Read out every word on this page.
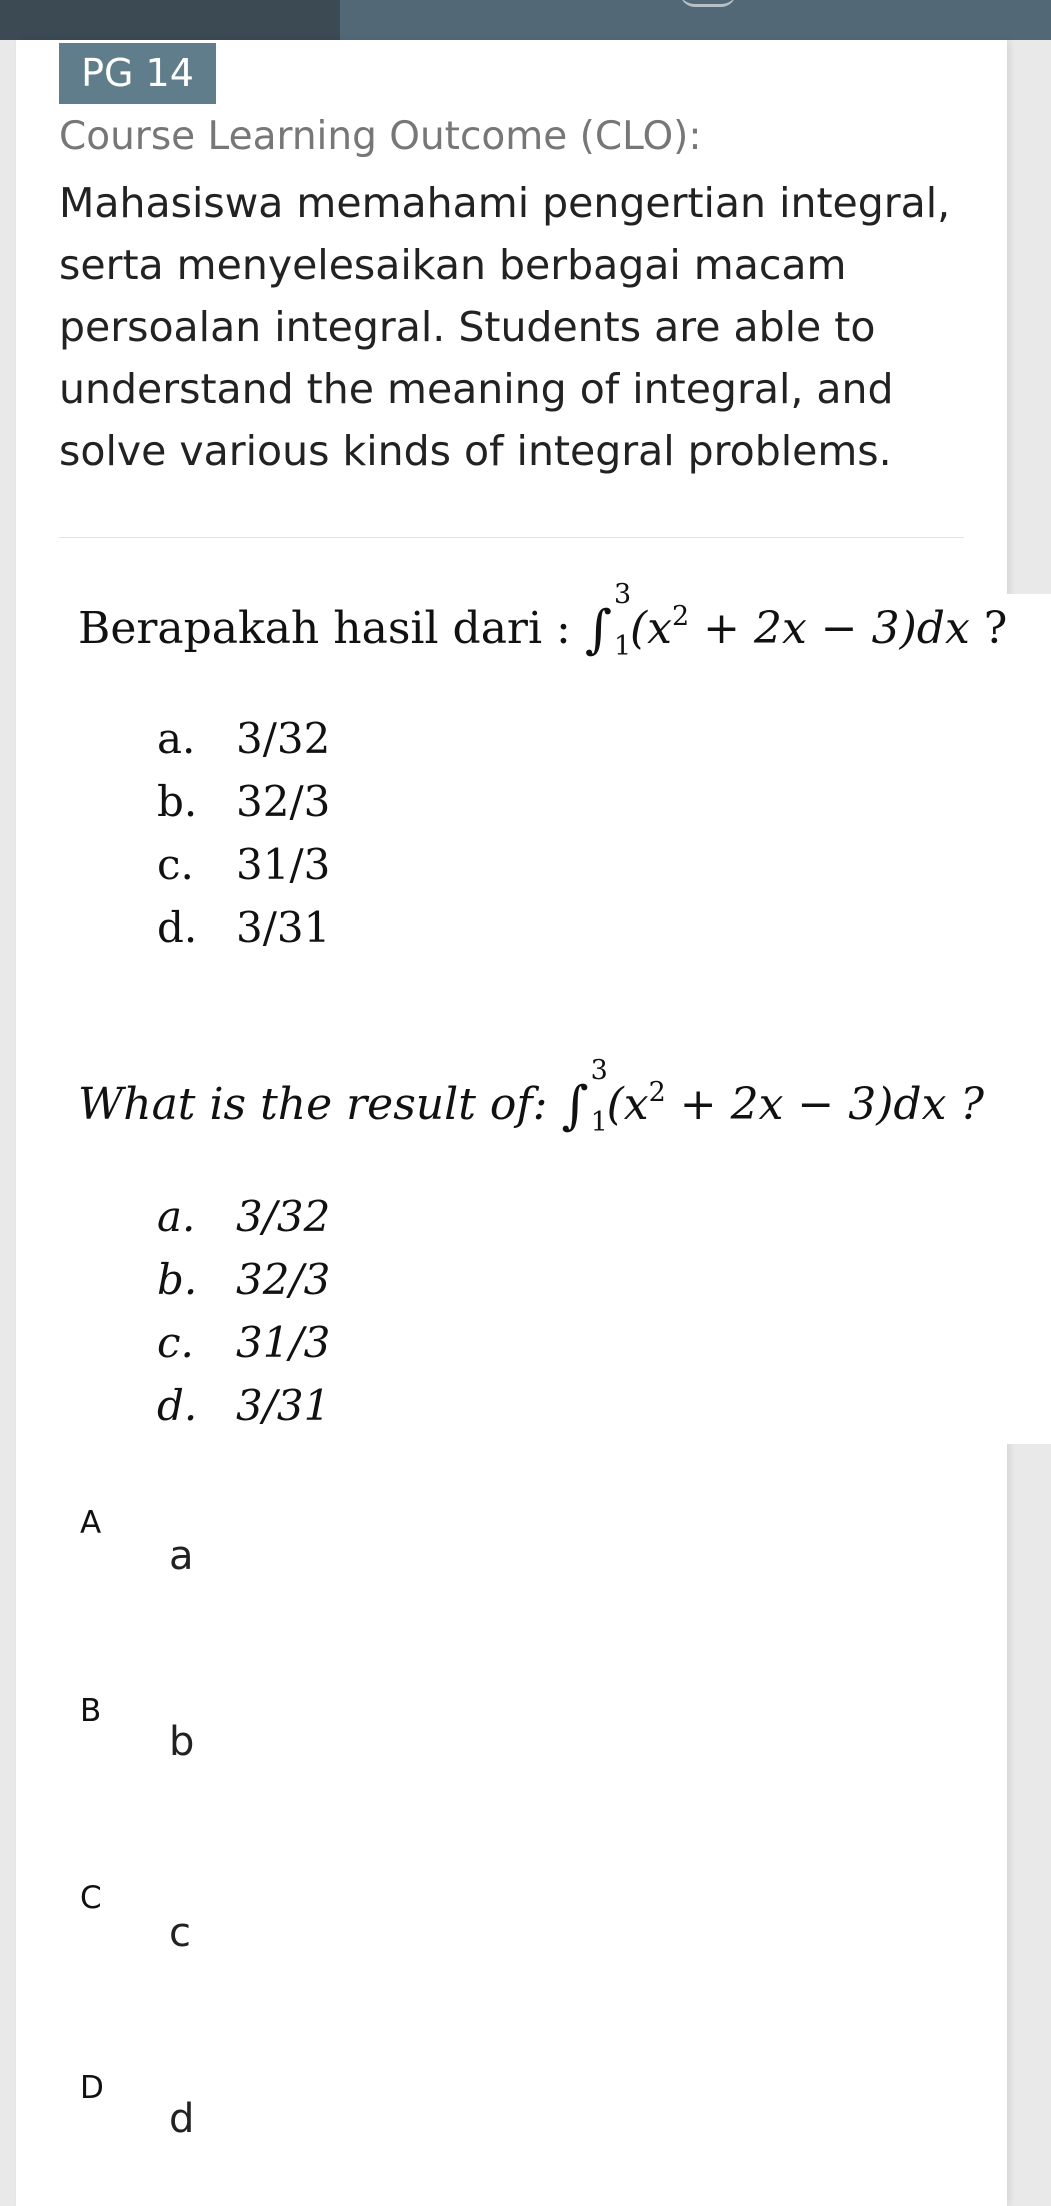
PG 14
Course Learning Outcome (CLO):
Mahasiswa memahami pengertian integral, serta menyelesaikan berbagai macam persoalan integral. Students are able to understand the meaning of integral, and solve various kinds of integral problems.
Berapakah hasil dari : ∫
3
1
$(x^2 + 2x - 3)dx$ ?
a. 3/32
b. 32/3
c. 31/3
d. 3/31
What is the result of: ∫
3
1
$(x^2 + 2x - 3)dx$ ?
a. 3/32
b. 32/3
c. 31/3
d. 3/31
A
a
B
b
C
c
D
d
